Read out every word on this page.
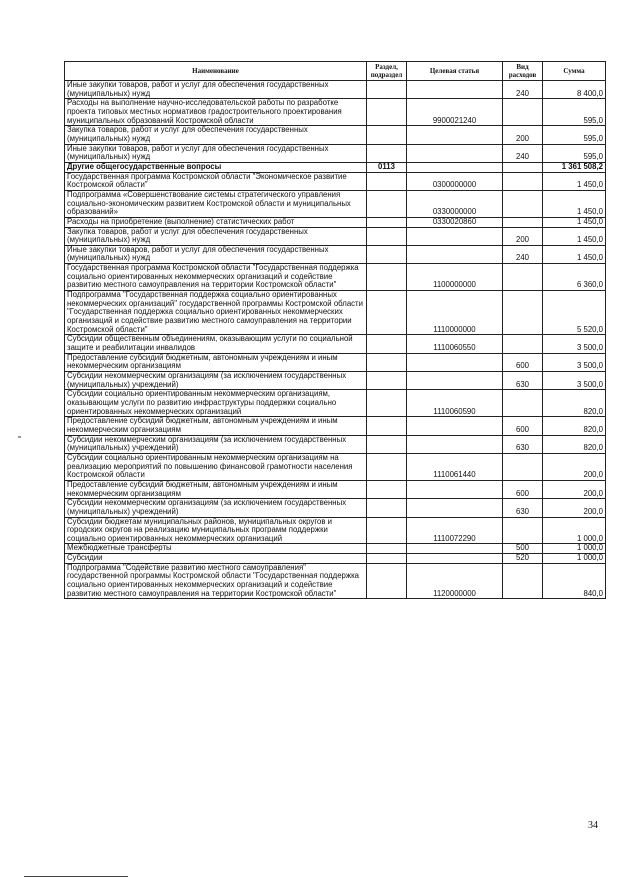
Наименование	Раздел, подраздел	Целевая статья	Вид расходов	Сумма
Иные закупки товаров, работ и услуг для обеспечения государственных (муниципальных) нужд			240	8 400,0
Расходы на выполнение научно-исследовательской работы по разработке проекта типовых местных нормативов градостроительного проектирования муниципальных образований Костромской области		9900021240		595,0
Закупка товаров, работ и услуг для обеспечения государственных (муниципальных) нужд			200	595,0
Иные закупки товаров, работ и услуг для обеспечения государственных (муниципальных) нужд			240	595,0
Другие общегосударственные вопросы	0113			1 361 508,2
Государственная программа Костромской области "Экономическое развитие Костромской области"		0300000000		1 450,0
Подпрограмма «Совершенствование системы стратегического управления социально-экономическим развитием Костромской области и муниципальных образований»		0330000000		1 450,0
Расходы на приобретение (выполнение) статистических работ		0330020860		1 450,0
Закупка товаров, работ и услуг для обеспечения государственных (муниципальных) нужд			200	1 450,0
Иные закупки товаров, работ и услуг для обеспечения государственных (муниципальных) нужд			240	1 450,0
Государственная программа Костромской области "Государственная поддержка социально ориентированных некоммерческих организаций и содействие развитию местного самоуправления на территории Костромской области"		1100000000		6 360,0
Подпрограмма "Государственная поддержка социально ориентированных некоммерческих организаций" государственной программы Костромской области "Государственная поддержка социально ориентированных некоммерческих организаций и содействие развитию местного самоуправления на территории Костромской области"		1110000000		5 520,0
Субсидии общественным объединениям, оказывающим услуги по социальной защите и реабилитации инвалидов		1110060550		3 500,0
Предоставление субсидий бюджетным, автономным учреждениям и иным некоммерческим организациям			600	3 500,0
Субсидии некоммерческим организациям (за исключением государственных (муниципальных) учреждений)			630	3 500,0
Субсидии социально ориентированным некоммерческим организациям, оказывающим услуги по развитию инфраструктуры поддержки социально ориентированных некоммерческих организаций		1110060590		820,0
Предоставление субсидий бюджетным, автономным учреждениям и иным некоммерческим организациям			600	820,0
Субсидии некоммерческим организациям (за исключением государственных (муниципальных) учреждений)			630	820,0
Субсидии социально ориентированным некоммерческим организациям на реализацию мероприятий по повышению финансовой грамотности населения Костромской области		1110061440		200,0
Предоставление субсидий бюджетным, автономным учреждениям и иным некоммерческим организациям			600	200,0
Субсидии некоммерческим организациям (за исключением государственных (муниципальных) учреждений)			630	200,0
Субсидии бюджетам муниципальных районов, муниципальных округов и городских округов на реализацию муниципальных программ поддержки социально ориентированных некоммерческих организаций		1110072290		1 000,0
Межбюджетные трансферты			500	1 000,0
Субсидии			520	1 000,0
Подпрограмма "Содействие развитию местного самоуправления" государственной программы Костромской области "Государственная поддержка социально ориентированных некоммерческих организаций и содействие развитию местного самоуправления на территории Костромской области"		1120000000		840,0
34
